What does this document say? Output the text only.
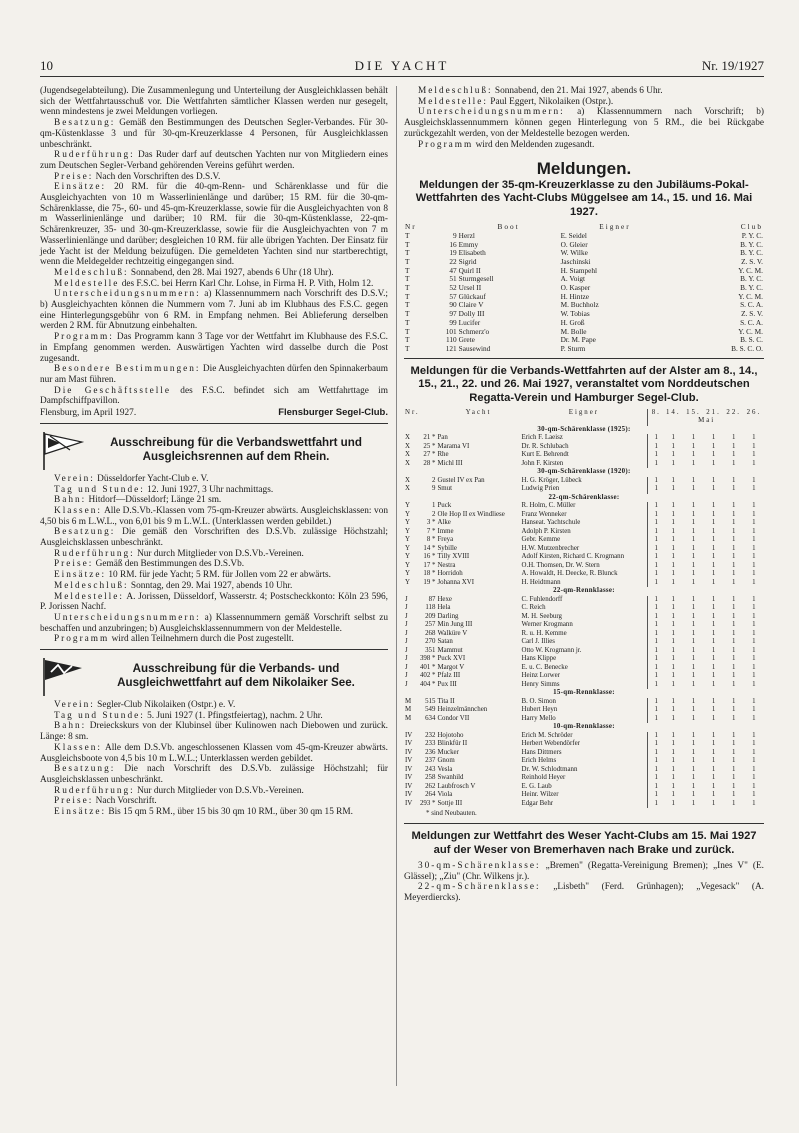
10	DIE YACHT	Nr. 19/1927

(Jugendsegelabteilung). Die Zusammenlegung und Unterteilung der Ausgleichklassen behält sich der Wettfahrtausschuß vor. Die Wettfahrten sämtlicher Klassen werden nur gesegelt, wenn mindestens je zwei Meldungen vorliegen.

Besatzung: Gemäß den Bestimmungen des Deutschen Segler-Verbandes. Für 30-qm-Küstenklasse 3 und für 30-qm-Kreuzerklasse 4 Personen, für Ausgleichklassen unbeschränkt.

Ruderführung: Das Ruder darf auf deutschen Yachten nur von Mitgliedern eines zum Deutschen Segler-Verband gehörenden Vereins geführt werden.

Preise: Nach den Vorschriften des D.S.V.

Einsätze: 20 RM. für die 40-qm-Renn- und Schärenklasse und für die Ausgleichyachten von 10 m Wasserlinienlänge und darüber; 15 RM. für die 30-qm-Schärenklasse, die 75-, 60- und 45-qm-Kreuzerklasse, sowie für die Ausgleichyachten von 8 m Wasserlinienlänge und darüber; 10 RM. für die 30-qm-Küstenklasse, 22-qm-Schärenkreuzer, 35- und 30-qm-Kreuzerklasse, sowie für die Ausgleichyachten von 7 m Wasserlinienlänge und darüber; desgleichen 10 RM. für alle übrigen Yachten. Der Einsatz für jede Yacht ist der Meldung beizufügen. Die gemeldeten Yachten sind nur startberechtigt, wenn die Meldegelder rechtzeitig eingegangen sind.

Meldeschluß: Sonnabend, den 28. Mai 1927, abends 6 Uhr (18 Uhr).

Meldestelle des F.S.C. bei Herrn Karl Chr. Lohse, in Firma H. P. Vith, Holm 12.

Unterscheidungsnummern: a) Klassennummern nach Vorschrift des D.S.V.; b) Ausgleichyachten können die Nummern vom 7. Juni ab im Klubhaus des F.S.C. gegen eine Hinterlegungsgebühr von 6 RM. in Empfang nehmen. Bei Ablieferung derselben werden 2 RM. für Abnutzung einbehalten.

Programm: Das Programm kann 3 Tage vor der Wettfahrt im Klubhause des F.S.C. in Empfang genommen werden. Auswärtigen Yachten wird dasselbe durch die Post zugesandt.

Besondere Bestimmungen: Die Ausgleichyachten dürfen den Spinnakerbaum nur am Mast führen.

Die Geschäftsstelle des F.S.C. befindet sich am Wettfahrttage im Dampfschiffpavillon.

Flensburg, im April 1927.	Flensburger Segel-Club.
Ausschreibung für die Verbandswettfahrt und Ausgleichsrennen auf dem Rhein.

Verein: Düsseldorfer Yacht-Club e. V.

Tag und Stunde: 12. Juni 1927, 3 Uhr nachmittags.

Bahn: Hitdorf—Düsseldorf; Länge 21 sm.

Klassen: Alle D.S.Vb.-Klassen vom 75-qm-Kreuzer abwärts. Ausgleichsklassen: von 4,50 bis 6 m L.W.L., von 6,01 bis 9 m L.W.L. (Unterklassen werden gebildet.)

Besatzung: Die gemäß den Vorschriften des D.S.Vb. zulässige Höchstzahl; Ausgleichsklassen unbeschränkt.

Ruderführung: Nur durch Mitglieder von D.S.Vb.-Vereinen.

Preise: Gemäß den Bestimmungen des D.S.Vb.

Einsätze: 10 RM. für jede Yacht; 5 RM. für Jollen vom 22 er abwärts.

Meldeschluß: Sonntag, den 29. Mai 1927, abends 10 Uhr.

Meldestelle: A. Jorissen, Düsseldorf, Wasserstr. 4; Postscheckkonto: Köln 23 596, P. Jorissen Nachf.

Unterscheidungsnummern: a) Klassennummern gemäß Vorschrift selbst zu beschaffen und anzubringen; b) Ausgleichsklassennummern von der Meldestelle.

Programm wird allen Teilnehmern durch die Post zugestellt.

Ausschreibung für die Verbands- und Ausgleichwettfahrt auf dem Nikolaiker See.

Verein: Segler-Club Nikolaiken (Ostpr.) e. V.

Tag und Stunde: 5. Juni 1927 (1. Pfingstfeiertag), nachm. 2 Uhr.

Bahn: Dreieckskurs von der Klubinsel über Kulinowen nach Diebowen und zurück. Länge: 8 sm.

Klassen: Alle dem D.S.Vb. angeschlossenen Klassen vom 45-qm-Kreuzer abwärts. Ausgleichsboote von 4,5 bis 10 m L.W.L.; Unterklassen werden gebildet.

Besatzung: Die nach Vorschrift des D.S.Vb. zulässige Höchstzahl; für Ausgleichsklassen unbeschränkt.

Ruderführung: Nur durch Mitglieder von D.S.Vb.-Vereinen.

Preise: Nach Vorschrift.

Einsätze: Bis 15 qm 5 RM., über 15 bis 30 qm 10 RM., über 30 qm 15 RM.

Meldeschluß: Sonnabend, den 21. Mai 1927, abends 6 Uhr.

Meldestelle: Paul Eggert, Nikolaiken (Ostpr.).

Unterscheidungsnummern: a) Klassennummern nach Vorschrift; b) Ausgleichsklassennummern können gegen Hinterlegung von 5 RM., die bei Rückgabe zurückgezahlt werden, von der Meldestelle bezogen werden.

Programm wird den Meldenden zugesandt.

Meldungen.
Meldungen der 35-qm-Kreuzerklasse zu den Jubiläums-Pokal-Wettfahrten des Yacht-Clubs Müggelsee am 14., 15. und 16. Mai 1927.
Nr		Boot	Eigner	Club
T	9	Herzl	E. Seidel	P. Y. C.
T	16	Emmy	O. Gleier	B. Y. C.
T	19	Elisabeth	W. Wilke	B. Y. C.
T	22	Sigrid	Jaschinski	Z. S. V.
T	47	Quirl II	H. Stampehl	Y. C. M.
T	51	Sturmgesell	A. Voigt	B. Y. C.
T	52	Ursel II	O. Kasper	B. Y. C.
T	57	Glückauf	H. Hintze	Y. C. M.
T	90	Claire V	M. Buchholz	S. C. A.
T	97	Dolly III	W. Tobias	Z. S. V.
T	99	Lucifer	H. Groß	S. C. A.
T	101	Schmerz'o	M. Bolle	Y. C. M.
T	110	Grete	Dr. M. Pape	B. S. C.
T	121	Sausewind	P. Sturm	B. S. C. O.
Meldungen für die Verbands-Wettfahrten auf der Alster am 8., 14., 15., 21., 22. und 26. Mai 1927, veranstaltet vom Norddeutschen Regatta-Verein und Hamburger Segel-Club.
Nr.		Yacht	Eigner	8.	14.	15.	21.	22.	26.
				Mai					
30-qm-Schärenklasse (1925):									
X	21 *	Pan	Erich F. Laeisz	1	1	1	1	1	1
X	25 *	Marama VI	Dr. R. Schlubach	1	1	1	1	1	1
X	27 *	Rhe	Kurt E. Behrendt	1	1	1	1	1	1
X	28 *	Michl III	John F. Kirsten	1	1	1	1	1	1
30-qm-Schärenklasse (1920):									
X	2	Gustel IV ex Pan	H. G. Kröger, Lübeck	1	1	1	1	1	1
X	9	Smut	Ludwig Prien	1	1	1	1	1	1
22-qm-Schärenklasse:									
Y	1	Puck	R. Holm, C. Müller	1	1	1	1	1	1
Y	2	Ole Hop II ex Windliese	Franz Wenneker	1	1	1	1	1	1
Y	3 *	Alke	Hanseat. Yachtschule	1	1	1	1	1	1
Y	7 *	Imme	Adolph P. Kirsten	1	1	1	1	1	1
Y	8 *	Freya	Gebr. Kemme	1	1	1	1	1	1
Y	14 *	Sybille	H.W. Mutzenbrecher	1	1	1	1	1	1
Y	16 *	Tilly XVIII	Adolf Kirsten, Richard C. Krogmann	1	1	1	1	1	1
Y	17 *	Nestra	O.H. Thomsen, Dr. W. Stern	1	1	1	1	1	1
Y	18 *	Horridoh	A. Howaldt, H. Deecke, R. Blunck	1	1	1	1	1	1
Y	19 *	Johanna XVI	H. Heidtmann	1	1	1	1	1	1
22-qm-Rennklasse:									
J	87	Hexe	C. Fuhlendorff	1	1	1	1	1	1
J	118	Hela	C. Reich	1	1	1	1	1	1
J	209	Darling	M. H. Seeburg	1	1	1	1	1	1
J	257	Min Jung III	Werner Krogmann	1	1	1	1	1	1
J	268	Walküre V	R. u. H. Kemme	1	1	1	1	1	1
J	270	Satan	Carl J. Illies	1	1	1	1	1	1
J	351	Mammut	Otto W. Krogmann jr.	1	1	1	1	1	1
J	398 *	Puck XVI	Hans Klippe	1	1	1	1	1	1
J	401 *	Margot V	E. u. C. Benecke	1	1	1	1	1	1
J	402 *	Pfalz III	Heinz Lorwer	1	1	1	1	1	1
J	404 *	Pux III	Henry Simms	1	1	1	1	1	1
15-qm-Rennklasse:									
M	515	Tita II	B. O. Simon	1	1	1	1	1	1
M	549	Heinzelmännchen	Hubert Heyn	1	1	1	1	1	1
M	634	Condor VII	Harry Mello	1	1	1	1	1	1
10-qm-Rennklasse:									
IV	232	Hojotoho	Erich M. Schröder	1	1	1	1	1	1
IV	233	Blinkfür II	Herbert Webendörfer	1	1	1	1	1	1
IV	236	Mucker	Hans Dittmers	1	1	1	1	1	1
IV	237	Gnom	Erich Helms	1	1	1	1	1	1
IV	243	Vesla	Dr. W. Schlodtmann	1	1	1	1	1	1
IV	258	Swanhild	Reinhold Heyer	1	1	1	1	1	1
IV	262	Laubfrosch V	E. G. Laub	1	1	1	1	1	1
IV	264	Viola	Heinr. Wilzer	1	1	1	1	1	1
IV	293 *	Sottje III	Edgar Behr	1	1	1	1	1	1
* sind Neubauten.
Meldungen zur Wettfahrt des Weser Yacht-Clubs am 15. Mai 1927 auf der Weser von Bremerhaven nach Brake und zurück.

30-qm-Schärenklasse: „Bremen" (Regatta-Vereinigung Bremen); „Ines V" (E. Glässel); „Ziu" (Chr. Wilkens jr.).

22-qm-Schärenklasse: „Lisbeth" (Ferd. Grünhagen); „Vegesack" (A. Meyerdiercks).
